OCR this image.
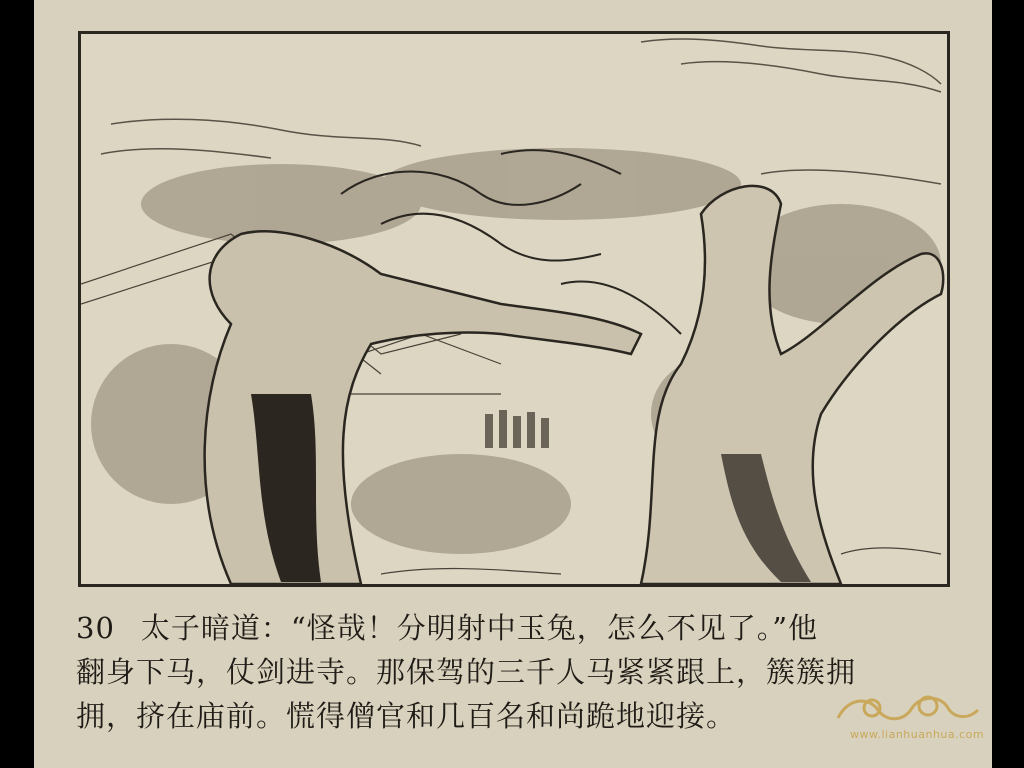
30 太子暗道：“怪哉！分明射中玉兔，怎么不见了。”他
翻身下马，仗剑进寺。那保驾的三千人马紧紧跟上，簇簇拥
拥，挤在庙前。慌得僧官和几百名和尚跪地迎接。
www.lianhuanhua.com
